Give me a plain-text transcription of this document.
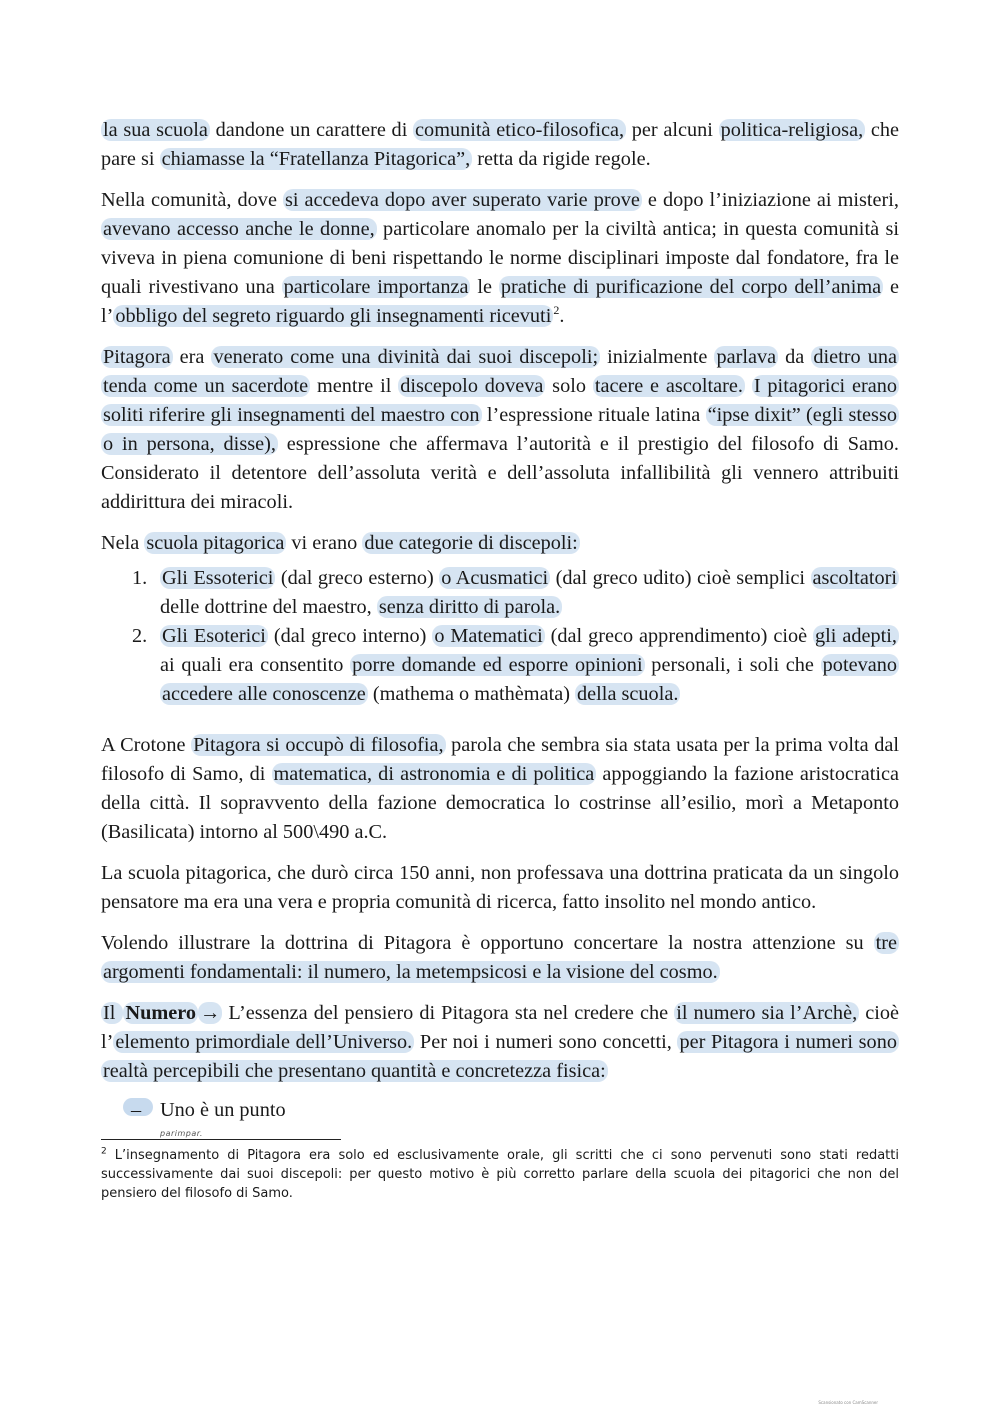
la sua scuola dandone un carattere di comunità etico-filosofica, per alcuni politica-religiosa, che pare si chiamasse la “Fratellanza Pitagorica”, retta da rigide regole.

Nella comunità, dove si accedeva dopo aver superato varie prove e dopo l’iniziazione ai misteri, avevano accesso anche le donne, particolare anomalo per la civiltà antica; in questa comunità si viveva in piena comunione di beni rispettando le norme disciplinari imposte dal fondatore, fra le quali rivestivano una particolare importanza le pratiche di purificazione del corpo dell’anima e l’obbligo del segreto riguardo gli insegnamenti ricevuti $^2$.

Pitagora era venerato come una divinità dai suoi discepoli; inizialmente parlava da dietro una tenda come un sacerdote mentre il discepolo doveva solo tacere e ascoltare. I pitagorici erano soliti riferire gli insegnamenti del maestro con l’espressione rituale latina “ipse dixit” (egli stesso o in persona, disse), espressione che affermava l’autorità e il prestigio del filosofo di Samo. Considerato il detentore dell’assoluta verità e dell’assoluta infallibilità gli vennero attribuiti addirittura dei miracoli.

Nela scuola pitagorica vi erano due categorie di discepoli:

1. Gli Essoterici (dal greco esterno) o Acusmatici (dal greco udito) cioè semplici ascoltatori delle dottrine del maestro, senza diritto di parola.

2. Gli Esoterici (dal greco interno) o Matematici (dal greco apprendimento) cioè gli adepti, ai quali era consentito porre domande ed esporre opinioni personali, i soli che potevano accedere alle conoscenze (mathema o mathèmata) della scuola.

A Crotone Pitagora si occupò di filosofia, parola che sembra sia stata usata per la prima volta dal filosofo di Samo, di matematica, di astronomia e di politica appoggiando la fazione aristocratica della città. Il sopravvento della fazione democratica lo costrinse all’esilio, morì a Metaponto (Basilicata) intorno al 500\490 a.C.

La scuola pitagorica, che durò circa 150 anni, non professava una dottrina praticata da un singolo pensatore ma era una vera e propria comunità di ricerca, fatto insolito nel mondo antico.

Volendo illustrare la dottrina di Pitagora è opportuno concertare la nostra attenzione su tre argomenti fondamentali: il numero, la metempsicosi e la visione del cosmo.

Il Numero → L’essenza del pensiero di Pitagora sta nel credere che il numero sia l’Archè, cioè l’elemento primordiale dell’Universo. Per noi i numeri sono concetti, per Pitagora i numeri sono realtà percepibili che presentano quantità e concretezza fisica:

– Uno è un punto
parimpar.
$^2$ L’insegnamento di Pitagora era solo ed esclusivamente orale, gli scritti che ci sono pervenuti sono stati redatti successivamente dai suoi discepoli: per questo motivo è più corretto parlare della scuola dei pitagorici che non del pensiero del filosofo di Samo.
Scansionato con CamScanner
